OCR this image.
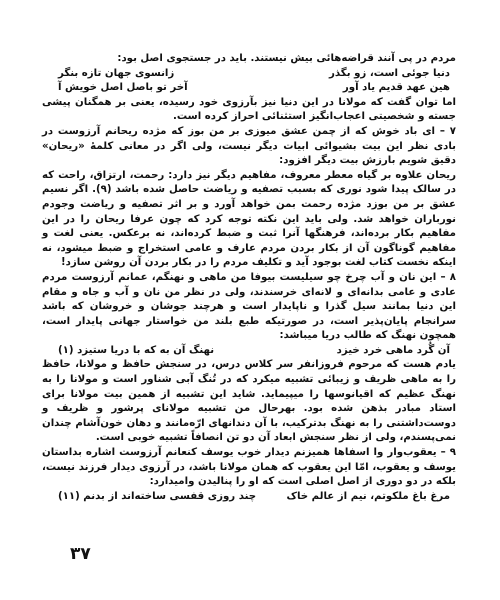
مردم در پی آنند قراضه‌هائی بیش نیستند. باید در جستجوی اصل بود:

دنیا جوئی است، زو بگذر
زانسوی جهان تازه بنگر
هین عهد قدیم یاد آور
آخر تو باصل اصل خویش آ

اما توان گفت که مولانا در این دنیا نیز بآرزوی خود رسیده، یعنی بر همگنان پیشی جسته و شخصیتی اعجاب‌انگیز استثنائی احراز کرده است.

۷ – ای باد خوش که از چمن عشق میوزی بر من بوز که مژده ریحانم آرزوست در بادی نظر این بیت بشیوائی ابیات دیگر نیست، ولی اگر در معانی کلمهٔ «ریحان» دقیق شویم بارزش بیت دیگر افزود:

ریحان علاوه بر گیاه معطر معروف، مفاهیم دیگر نیز دارد: رحمت، ارتزاق، راحت که در سالک پیدا شود نوری که بسبب تصفیه و ریاضت حاصل شده باشد (۹). اگر نسیم عشق بر من بوزد مژده رحمت بمن خواهد آورد و بر اثر تصفیه و ریاضت وجودم نورباران خواهد شد. ولی باید این نکته توجه کرد که چون عرفا ریحان را در این مفاهیم بکار برده‌اند، فرهنگها آنرا ثبت و ضبط کرده‌اند، نه برعکس. یعنی لغت و مفاهیم گوناگون آن از بکار بردن مردم عارف و عامی استخراج و ضبط میشود، نه اینکه نخست کتاب لغت بوجود آید و تکلیف مردم را در بکار بردن آن روشن سازد!

۸ – این نان و آب چرخ چو سیلیست بیوفا من ماهی و نهنگم، عمانم آرزوست مردم عادی و عامی بدانه‌ای و لانه‌ای خرسندند، ولی در نظر من نان و آب و جاه و مقام این دنیا بمانند سیل گذرا و ناپایدار است و هرچند جوشان و خروشان که باشد سرانجام پایان‌پذیر است، در صورتیکه طبع بلند من خواستار جهانی پایدار است، همچون نهنگ که طالب دریا میباشد:

آن گُرد ماهی خرد خیزد
نهنگ آن به که با دریا ستیزد (۱)

یادم هست که مرحوم فروزانفر سر کلاس درس، در سنجش حافظ و مولانا، حافظ را به ماهی ظریف و زیبائی تشبیه میکرد که در تُنگ آبی شناور است و مولانا را به نهنگ عظیم که اقیانوسها را میپیماید. شاید این تشبیه از همین بیت مولانا برای استاد مبادر بذهن شده بود. بهرحال من تشبیه مولانای پرشور و ظریف و دوست‌داشتنی را به نهنگ بدترکیب، با آن دندانهای ارّه‌مانند و دهان خون‌آشام چندان نمی‌پسندم، ولی از نظر سنجش ابعاد آن دو تن انصافاً تشبیه خوبی است.

۹ – یعقوب‌وار وا اسفاها همیزنم دیدار خوب یوسف کنعانم آرزوست اشاره بداستان یوسف و یعقوب، امّا این یعقوب که همان مولانا باشد، در آرزوی دیدار فرزند نیست، بلکه در دو دوری از اصل اصلی است که او را پنالیدن وامیدارد:

مرغ باغ ملکوتم، نیم از عالم خاک
چند روزی قفسی ساخته‌اند از بدنم (۱۱)
۳۷
